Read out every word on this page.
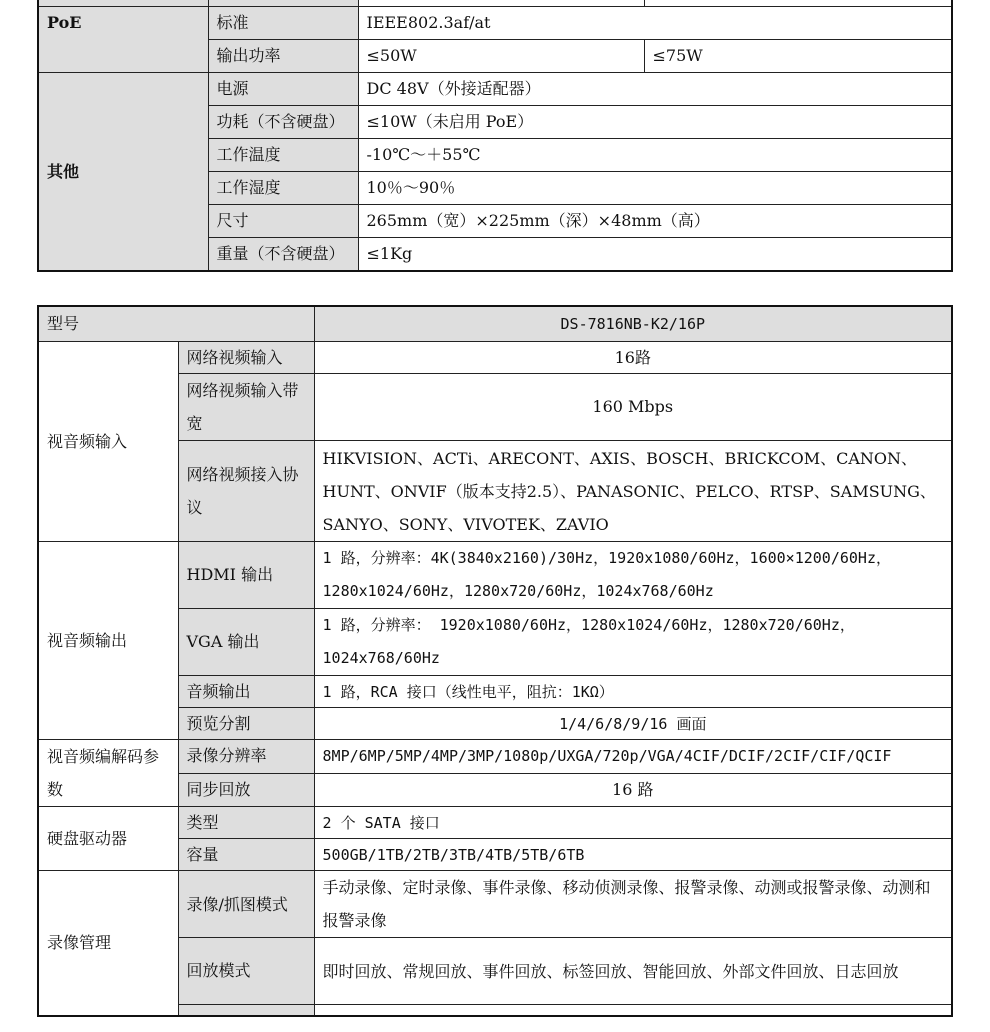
PoE	标准	IEEE802.3af/at	
	输出功率	≤50W	≤75W
其他	电源	DC 48V（外接适配器）	
	功耗（不含硬盘）	≤10W（未启用 PoE）	
	工作温度	-10℃～＋55℃	
	工作湿度	10％～90％	
	尺寸	265mm（宽）×225mm（深）×48mm（高）	
	重量（不含硬盘）	≤1Kg	
型号		DS-7816NB-K2/16P
视音频输入	网络视频输入	16路
	网络视频输入带宽	160 Mbps
	网络视频接入协议	HIKVISION、ACTi、ARECONT、AXIS、BOSCH、BRICKCOM、CANON、HUNT、ONVIF（版本支持2.5）、PANASONIC、PELCO、RTSP、SAMSUNG、SANYO、SONY、VIVOTEK、ZAVIO
视音频输出	HDMI 输出	1 路，分辨率：4K(3840x2160)/30Hz，1920x1080/60Hz，1600×1200/60Hz，1280x1024/60Hz，1280x720/60Hz，1024x768/60Hz
	VGA 输出	1 路，分辨率： 1920x1080/60Hz，1280x1024/60Hz，1280x720/60Hz，1024x768/60Hz
	音频输出	1 路，RCA 接口（线性电平，阻抗：1KΩ）
	预览分割	1/4/6/8/9/16 画面
视音频编解码参数	录像分辨率	8MP/6MP/5MP/4MP/3MP/1080p/UXGA/720p/VGA/4CIF/DCIF/2CIF/CIF/QCIF
	同步回放	16 路
硬盘驱动器	类型	2 个 SATA 接口
	容量	500GB/1TB/2TB/3TB/4TB/5TB/6TB
录像管理	录像/抓图模式	手动录像、定时录像、事件录像、移动侦测录像、报警录像、动测或报警录像、动测和报警录像
	回放模式	即时回放、常规回放、事件回放、标签回放、智能回放、外部文件回放、日志回放
